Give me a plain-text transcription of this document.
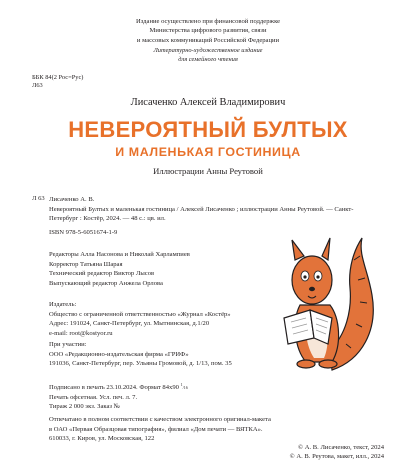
Издание осуществлено при финансовой поддержке
Министерства цифрового развития, связи
и массовых коммуникаций Российской Федерации
Литературно-художественное издание
для семейного чтения
ББК 84(2 Рос=Рус)
Л63
Лисаченко Алексей Владимирович
НЕВЕРОЯТНЫЙ БУЛТЫХ
И МАЛЕНЬКАЯ ГОСТИНИЦА
Иллюстрации Анны Реутовой
Л 63 Лисаченко А. В.
Невероятный Бултых и маленькая гостиница / Алексей Лисаченко ; иллюстрации Анны Реутовой. — Санкт-Петербург : Костёр, 2024. — 48 с.: цв. ил.
ISBN 978-5-6051674-1-9
Редакторы Алла Насонова и Николай Харлампиев
Корректор Татьяна Шарая
Технический редактор Виктор Лысов
Выпускающий редактор Анжела Орлова
Издатель:
Общество с ограниченной ответственностью «Журнал «Костёр»
Адрес: 191024, Санкт-Петербург, ул. Мытнинская, д.1/20
e-mail: root@kostyor.ru
При участии:
ООО «Редакционно-издательская фирма «ГРИФ»
191036, Санкт-Петербург, пер. Ульяны Громовой, д. 1/13, пом. 35
Подписано в печать 23.10.2024. Формат 84х90 $^1$/16
Печать офсетная. Усл. печ. л. 7.
Тираж 2 000 экз. Заказ №
Отпечатано в полном соответствии с качеством электронного оригинал-макета
в ОАО «Первая Образцовая типография», филиал «Дом печати — ВЯТКА».
610033, г. Киров, ул. Московская, 122
© А. В. Лисаченко, текст, 2024
© А. В. Реутова, макет, илл., 2024
